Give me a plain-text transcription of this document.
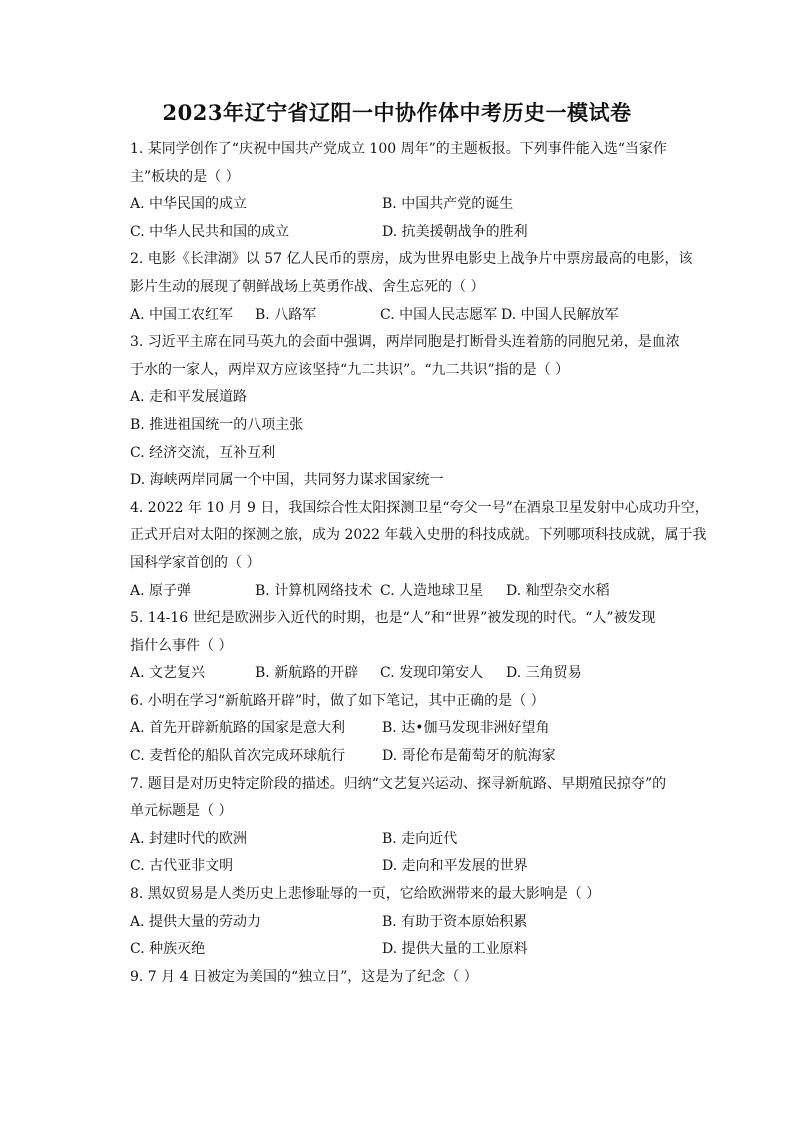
2023年辽宁省辽阳一中协作体中考历史一模试卷
1. 某同学创作了“庆祝中国共产党成立 100 周年”的主题板报。下列事件能入选“当家作
主”板块的是（ ）
A. 中华民国的成立	B. 中国共产党的诞生
C. 中华人民共和国的成立	D. 抗美援朝战争的胜利
2. 电影《长津湖》以 57 亿人民币的票房，成为世界电影史上战争片中票房最高的电影，该
影片生动的展现了朝鲜战场上英勇作战、舍生忘死的（ ）
A. 中国工农红军 B. 八路军	C. 中国人民志愿军 D. 中国人民解放军
3. 习近平主席在同马英九的会面中强调，两岸同胞是打断骨头连着筋的同胞兄弟，是血浓
于水的一家人，两岸双方应该坚持“九二共识”。“九二共识”指的是（ ）
A. 走和平发展道路
B. 推进祖国统一的八项主张
C. 经济交流，互补互利
D. 海峡两岸同属一个中国，共同努力谋求国家统一
4. 2022 年 10 月 9 日，我国综合性太阳探测卫星“夸父一号”在酒泉卫星发射中心成功升空，
正式开启对太阳的探测之旅，成为 2022 年载入史册的科技成就。下列哪项科技成就，属于我
国科学家首创的（ ）
A. 原子弹	B. 计算机网络技术 C. 人造地球卫星 D. 籼型杂交水稻
5. 14-16 世纪是欧洲步入近代的时期，也是“人”和“世界”被发现的时代。“人”被发现
指什么事件（ ）
A. 文艺复兴	B. 新航路的开辟 C. 发现印第安人 D. 三角贸易
6. 小明在学习“新航路开辟”时，做了如下笔记，其中正确的是（ ）
A. 首先开辟新航路的国家是意大利	B. 达•伽马发现非洲好望角
C. 麦哲伦的船队首次完成环球航行	D. 哥伦布是葡萄牙的航海家
7. 题目是对历史特定阶段的描述。归纳“文艺复兴运动、探寻新航路、早期殖民掠夺”的
单元标题是（ ）
A. 封建时代的欧洲	B. 走向近代
C. 古代亚非文明	D. 走向和平发展的世界
8. 黑奴贸易是人类历史上悲惨耻辱的一页，它给欧洲带来的最大影响是（ ）
A. 提供大量的劳动力	B. 有助于资本原始积累
C. 种族灭绝	D. 提供大量的工业原料
9. 7 月 4 日被定为美国的“独立日”，这是为了纪念（ ）
